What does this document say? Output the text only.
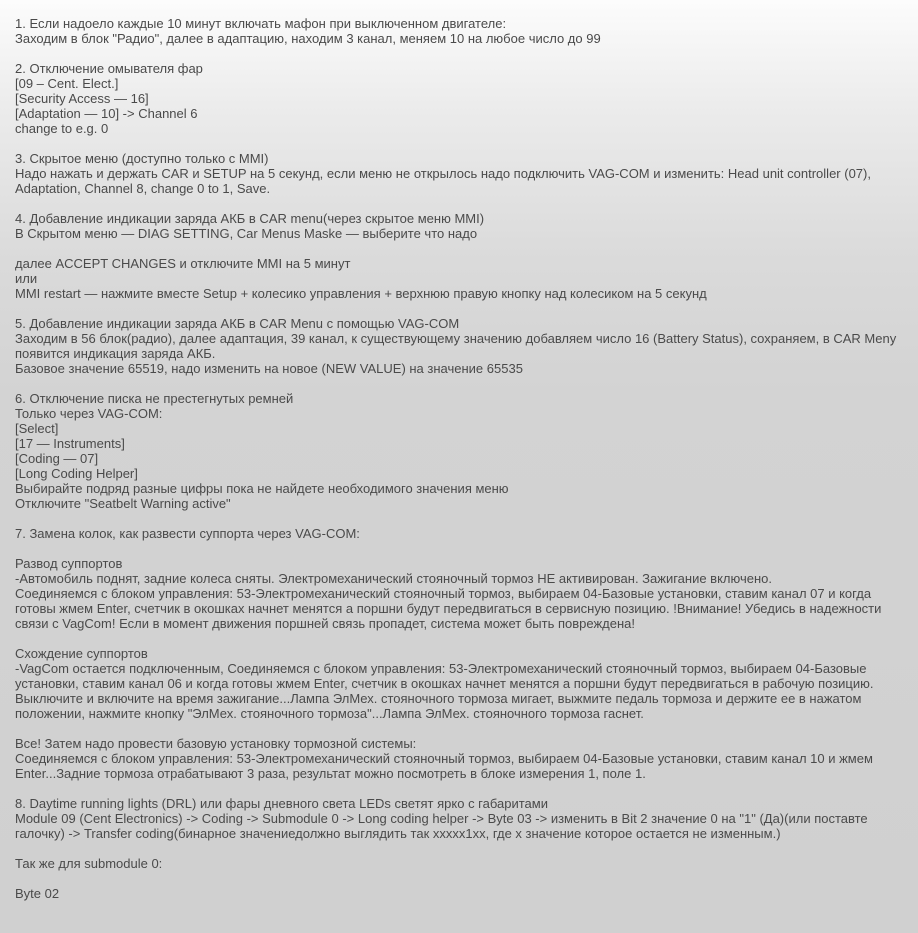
1. Если надоело каждые 10 минут включать мафон при выключенном двигателе:
Заходим в блок "Радио", далее в адаптацию, находим 3 канал, меняем 10 на любое число до 99
2. Отключение омывателя фар
[09 – Cent. Elect.]
[Security Access — 16]
[Adaptation — 10] -> Channel 6
change to e.g. 0
3. Скрытое меню (доступно только с MMI)
Надо нажать и держать CAR и SETUP на 5 секунд, если меню не открылось надо подключить VAG-COM и изменить: Head unit controller (07),
Adaptation, Channel 8, change 0 to 1, Save.
4. Добавление индикации заряда АКБ в CAR menu(через скрытое меню MMI)
В Скрытом меню — DIAG SETTING, Car Menus Maske — выберите что надо
далее ACCEPT CHANGES и отключите MMI на 5 минут
или
MMI restart — нажмите вместе Setup + колесико управления + верхнюю правую кнопку над колесиком на 5 секунд
5. Добавление индикации заряда АКБ в CAR Menu с помощью VAG-COM
Заходим в 56 блок(радио), далее адаптация, 39 канал, к существующему значению добавляем число 16 (Battery Status), сохраняем, в CAR Meny появится индикация заряда АКБ.
Базовое значение 65519, надо изменить на новое (NEW VALUE) на значение 65535
6. Отключение писка не престегнутых ремней
Только через VAG-COM:
[Select]
[17 — Instruments]
[Coding — 07]
[Long Coding Helper]
Выбирайте подряд разные цифры пока не найдете необходимого значения меню
Отключите "Seatbelt Warning active"
7. Замена колок, как развести суппорта через VAG-COM:
Развод суппортов
-Автомобиль поднят, задние колеса сняты. Электромеханический стояночный тормоз НЕ активирован. Зажигание включено.
Соединяемся с блоком управления: 53-Электромеханический стояночный тормоз, выбираем 04-Базовые установки, ставим канал 07 и когда готовы жмем Enter, счетчик в окошках начнет менятся а поршни будут передвигаться в сервисную позицию. !Внимание! Убедись в надежности связи с VagCom! Если в момент движения поршней связь пропадет, система может быть повреждена!
Схождение суппортов
-VagCom остается подключенным, Соединяемся с блоком управления: 53-Электромеханический стояночный тормоз, выбираем 04-Базовые установки, ставим канал 06 и когда готовы жмем Enter, счетчик в окошках начнет менятся а поршни будут передвигаться в рабочую позицию.
Выключите и включите на время зажигание...Лампа ЭлМех. стояночного тормоза мигает, выжмите педаль тормоза и держите ее в нажатом положении, нажмите кнопку "ЭлМех. стояночного тормоза"...Лампа ЭлМех. стояночного тормоза гаснет.
Все! Затем надо провести базовую установку тормозной системы:
Соединяемся с блоком управления: 53-Электромеханический стояночный тормоз, выбираем 04-Базовые установки, ставим канал 10 и жмем Enter...Задние тормоза отрабатывают 3 раза, результат можно посмотреть в блоке измерения 1, поле 1.
8. Daytime running lights (DRL) или фары дневного света LEDs светят ярко с габаритами
Module 09 (Cent Electronics) -> Coding -> Submodule 0 -> Long coding helper -> Byte 03 -> изменить в Bit 2 значение 0 на "1" (Да)(или поставте галочку) -> Transfer coding(бинарное значениедолжно выглядить так xxxxx1xx, где x значение которое остается не изменным.)
Так же для submodule 0:
Byte 02
